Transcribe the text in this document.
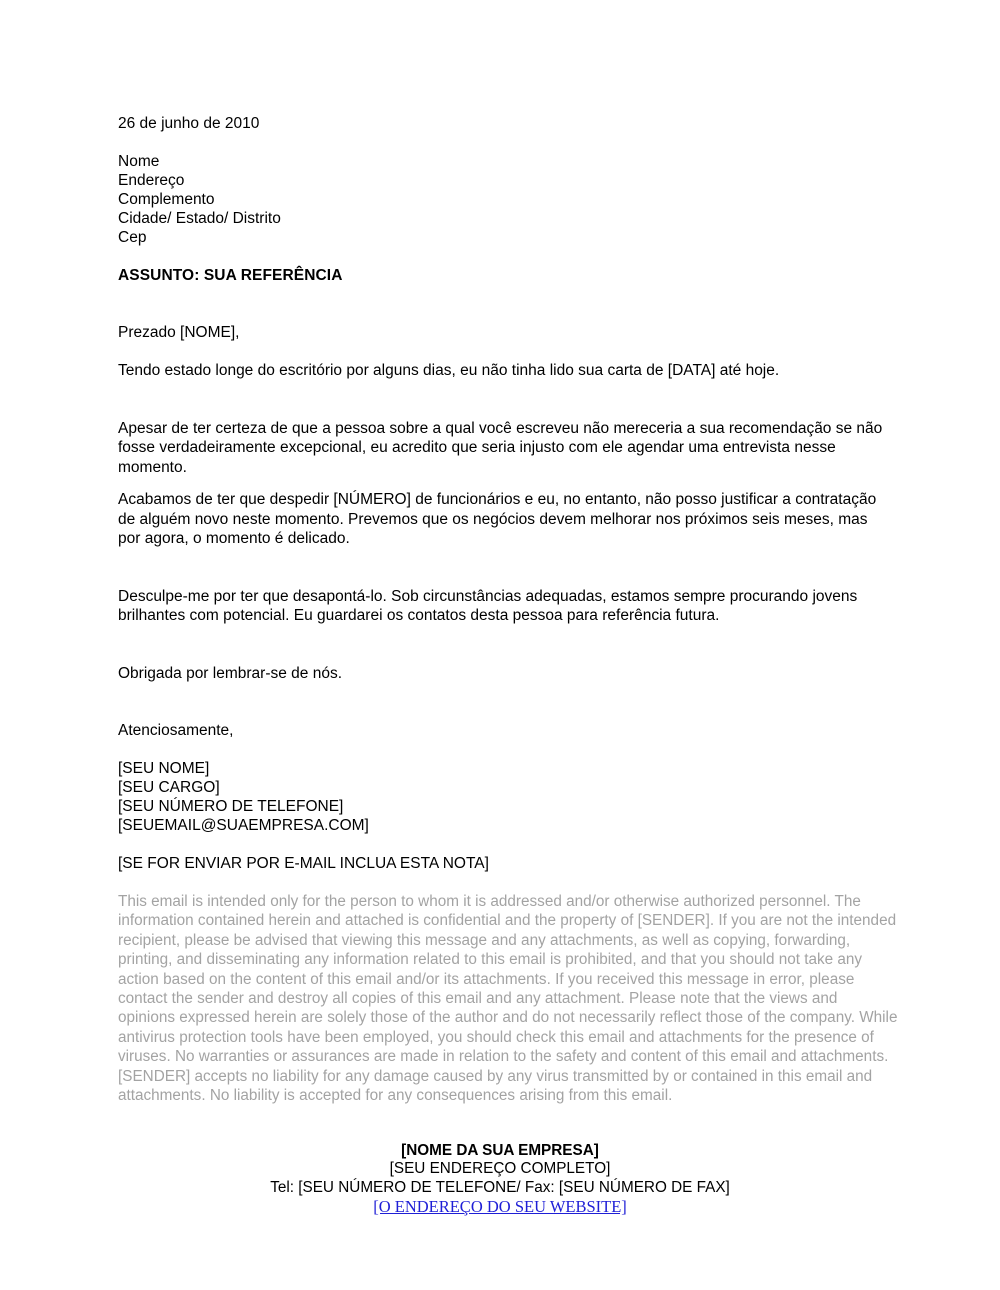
26 de junho de 2010
Nome
Endereço
Complemento
Cidade/ Estado/ Distrito
Cep
ASSUNTO: SUA REFERÊNCIA
Prezado [NOME],

Tendo estado longe do escritório por alguns dias, eu não tinha lido sua carta de [DATA] até hoje.

Apesar de ter certeza de que a pessoa sobre a qual você escreveu não mereceria a sua recomendação se não fosse verdadeiramente excepcional, eu acredito que seria injusto com ele agendar uma entrevista nesse momento.

Acabamos de ter que despedir [NÚMERO] de funcionários e eu, no entanto, não posso justificar a contratação de alguém novo neste momento. Prevemos que os negócios devem melhorar nos próximos seis meses, mas por agora, o momento é delicado.

Desculpe-me por ter que desapontá-lo. Sob circunstâncias adequadas, estamos sempre procurando jovens brilhantes com potencial. Eu guardarei os contatos desta pessoa para referência futura.

Obrigada por lembrar-se de nós.

Atenciosamente,
[SEU NOME]
[SEU CARGO]
[SEU NÚMERO DE TELEFONE]
[SEUEMAIL@SUAEMPRESA.COM]
[SE FOR ENVIAR POR E-MAIL INCLUA ESTA NOTA]

This email is intended only for the person to whom it is addressed and/or otherwise authorized personnel. The information contained herein and attached is confidential and the property of [SENDER]. If you are not the intended recipient, please be advised that viewing this message and any attachments, as well as copying, forwarding, printing, and disseminating any information related to this email is prohibited, and that you should not take any action based on the content of this email and/or its attachments. If you received this message in error, please contact the sender and destroy all copies of this email and any attachment. Please note that the views and opinions expressed herein are solely those of the author and do not necessarily reflect those of the company. While antivirus protection tools have been employed, you should check this email and attachments for the presence of viruses. No warranties or assurances are made in relation to the safety and content of this email and attachments. [SENDER] accepts no liability for any damage caused by any virus transmitted by or contained in this email and attachments. No liability is accepted for any consequences arising from this email.

[NOME DA SUA EMPRESA]
[SEU ENDEREÇO COMPLETO]
Tel: [SEU NÚMERO DE TELEFONE/ Fax: [SEU NÚMERO DE FAX]
[O ENDEREÇO DO SEU WEBSITE]
